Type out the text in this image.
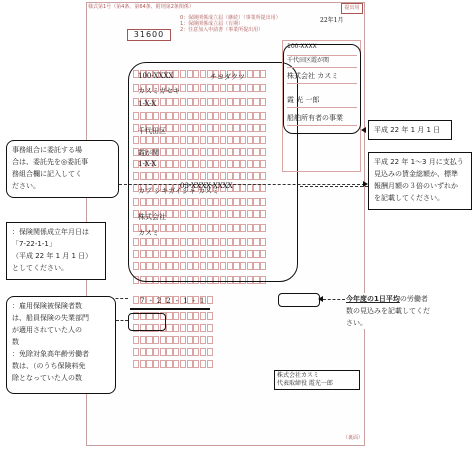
様式第1号（第4条、第64条、附則第2条関係）
0：保険関係成立届（継続）（事業所提出用）
1：保険関係成立届（有期）
2：任意加入申請書（事業所提出用）
提出用
31600
22年1月
（裏面）
100-XXXX	チヨダクツ
カスミガセキ
1-X-X
千代田区
霞が関
1-X-X
03-XXXX-XXXX
カブ シキガイシャ カスミ
株式会社
カスミ
100-XXXX
千代田区霞が関
株式会社 カスミ
霞 光 一郎
船舶所有者の事業
7-22-1-1
株式会社カスミ
代表取締役 霞光一郎
平成 22 年 1 月 1 日
平成 22 年 1～3 月に支払う
見込みの賃金総額か、標準
報酬月額の３倍のいずれか
を記載してください。
事務組合に委託する場
合は、委託先を◎委託事
務組合欄に記入してく
ださい。
：保険関係成立年月日は
「7-22-1-1」
（平成 22 年 1 月 1 日）
としてください。
：雇用保険被保険者数
は、船員保険の失業部門
が適用されていた人の
数
：免除対象高年齢労働者
数は、（のうち保険料免
除となっていた人の数
今年度の1日平均の労働者
数の見込みを記載してくだ
さい。
